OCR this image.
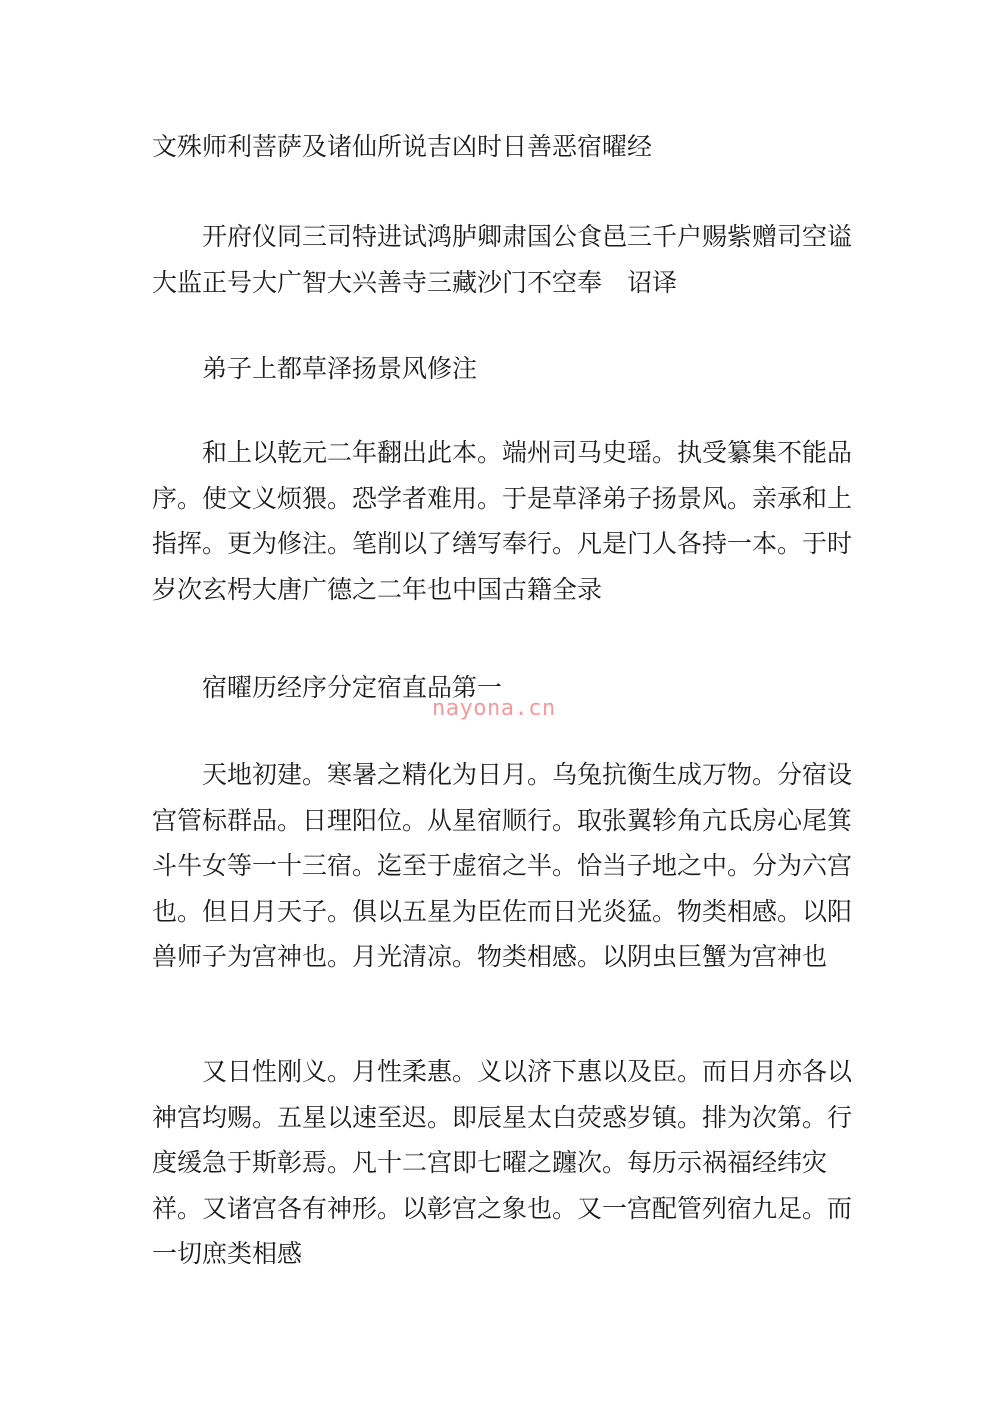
文殊师利菩萨及诸仙所说吉凶时日善恶宿曜经
开府仪同三司特进试鸿胪卿肃国公食邑三千户赐紫赠司空谥大监正号大广智大兴善寺三藏沙门不空奉　诏译
弟子上都草泽扬景风修注
和上以乾元二年翻出此本。端州司马史瑶。执受纂集不能品序。使文义烦猥。恐学者难用。于是草泽弟子扬景风。亲承和上指挥。更为修注。笔削以了缮写奉行。凡是门人各持一本。于时岁次玄枵大唐广德之二年也中国古籍全录
宿曜历经序分定宿直品第一
nayona.cn
天地初建。寒暑之精化为日月。乌兔抗衡生成万物。分宿设宫管标群品。日理阳位。从星宿顺行。取张翼轸角亢氐房心尾箕斗牛女等一十三宿。迄至于虚宿之半。恰当子地之中。分为六宫也。但日月天子。俱以五星为臣佐而日光炎猛。物类相感。以阳兽师子为宫神也。月光清凉。物类相感。以阴虫巨蟹为宫神也
又日性刚义。月性柔惠。义以济下惠以及臣。而日月亦各以神宫均赐。五星以速至迟。即辰星太白荧惑岁镇。排为次第。行度缓急于斯彰焉。凡十二宫即七曜之躔次。每历示祸福经纬灾祥。又诸宫各有神形。以彰宫之象也。又一宫配管列宿九足。而一切庶类相感
